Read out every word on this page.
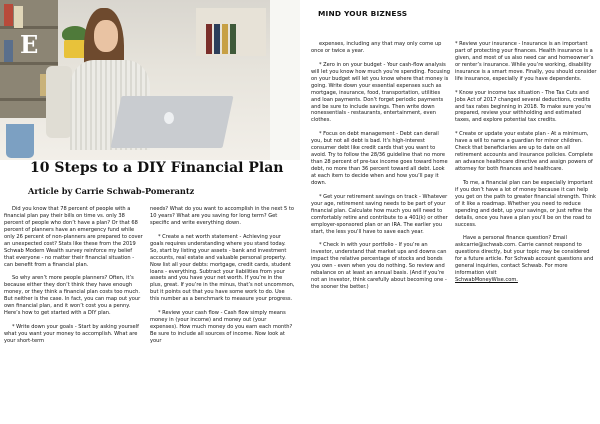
E
10 Steps to a DIY Financial Plan
Article by Carrie Schwab-Pomerantz
MIND YOUR BIZNESS

Did you know that 78 percent of people with a financial plan pay their bills on time vs. only 38 percent of people who don’t have a plan? Or that 68 percent of planners have an emergency fund while only 26 percent of non-planners are prepared to cover an unexpected cost? Stats like these from the 2019 Schwab Modern Wealth survey reinforce my belief that everyone - no matter their financial situation - can benefit from a financial plan.

So why aren’t more people planners? Often, it’s because either they don’t think they have enough money, or they think a financial plan costs too much. But neither is the case. In fact, you can map out your own financial plan, and it won’t cost you a penny. Here’s how to get started with a DIY plan.

* Write down your goals - Start by asking yourself what you want your money to accomplish. What are your short-term

needs? What do you want to accomplish in the next 5 to 10 years? What are you saving for long term? Get specific and write everything down.

* Create a net worth statement - Achieving your goals requires understanding where you stand today. So, start by listing your assets - bank and investment accounts, real estate and valuable personal property. Now list all your debts: mortgage, credit cards, student loans - everything. Subtract your liabilities from your assets and you have your net worth. If you’re in the plus, great. If you’re in the minus, that’s not uncommon, but it points out that you have some work to do. Use this number as a benchmark to measure your progress.

* Review your cash flow - Cash flow simply means money in (your income) and money out (your expenses). How much money do you earn each month? Be sure to include all sources of income. Now look at your

expenses, including any that may only come up once or twice a year.

* Zero in on your budget - Your cash-flow analysis will let you know how much you’re spending. Focusing on your budget will let you know where that money is going. Write down your essential expenses such as mortgage, insurance, food, transportation, utilities and loan payments. Don’t forget periodic payments and be sure to include savings. Then write down nonessentials - restaurants, entertainment, even clothes.

* Focus on debt management - Debt can derail you, but not all debt is bad. It’s high-interest consumer debt like credit cards that you want to avoid. Try to follow the 28/36 guideline that no more than 28 percent of pre-tax income goes toward home debt, no more than 36 percent toward all debt. Look at each item to decide when and how you’ll pay it down.

* Get your retirement savings on track - Whatever your age, retirement saving needs to be part of your financial plan. Calculate how much you will need to comfortably retire and contribute to a 401(k) or other employer-sponsored plan or an IRA. The earlier you start, the less you’ll have to save each year.

* Check in with your portfolio - If you’re an investor, understand that market ups and downs can impact the relative percentage of stocks and bonds you own - even when you do nothing. So review and rebalance on at least an annual basis. (And if you’re not an investor, think carefully about becoming one - the sooner the better.)

* Review your insurance - Insurance is an important part of protecting your finances. Health insurance is a given, and most of us also need car and homeowner’s or renter’s insurance. While you’re working, disability insurance is a smart move. Finally, you should consider life insurance, especially if you have dependents.

* Know your income tax situation - The Tax Cuts and Jobs Act of 2017 changed several deductions, credits and tax rates beginning in 2018. To make sure you’re prepared, review your withholding and estimated taxes, and explore potential tax credits.

* Create or update your estate plan - At a minimum, have a will to name a guardian for minor children. Check that beneficiaries are up to date on all retirement accounts and insurance policies. Complete an advance healthcare directive and assign powers of attorney for both finances and healthcare.

To me, a financial plan can be especially important if you don’t have a lot of money because it can help you get on the path to greater financial strength. Think of it like a roadmap. Whether you need to reduce spending and debt, up your savings, or just refine the details, once you have a plan you’ll be on the road to success.

Have a personal finance question? Email askcarrie@schwab.com. Carrie cannot respond to questions directly, but your topic may be considered for a future article. For Schwab account questions and general inquiries, contact Schwab. For more information visit

SchwabMoneyWise.com.
